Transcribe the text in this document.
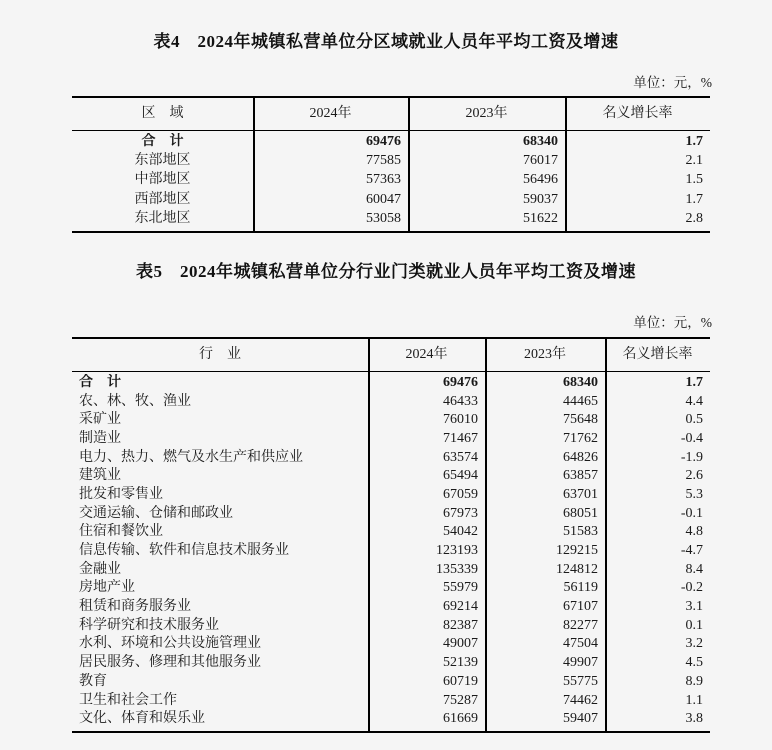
表4　2024年城镇私营单位分区域就业人员年平均工资及增速
单位：元，%
区　域	2024年	2023年	名义增长率
合　计	69476	68340	1.7
东部地区	77585	76017	2.1
中部地区	57363	56496	1.5
西部地区	60047	59037	1.7
东北地区	53058	51622	2.8
表5　2024年城镇私营单位分行业门类就业人员年平均工资及增速
单位：元，%
行　业	2024年	2023年	名义增长率
合　计	69476	68340	1.7
农、林、牧、渔业	46433	44465	4.4
采矿业	76010	75648	0.5
制造业	71467	71762	-0.4
电力、热力、燃气及水生产和供应业	63574	64826	-1.9
建筑业	65494	63857	2.6
批发和零售业	67059	63701	5.3
交通运输、仓储和邮政业	67973	68051	-0.1
住宿和餐饮业	54042	51583	4.8
信息传输、软件和信息技术服务业	123193	129215	-4.7
金融业	135339	124812	8.4
房地产业	55979	56119	-0.2
租赁和商务服务业	69214	67107	3.1
科学研究和技术服务业	82387	82277	0.1
水利、环境和公共设施管理业	49007	47504	3.2
居民服务、修理和其他服务业	52139	49907	4.5
教育	60719	55775	8.9
卫生和社会工作	75287	74462	1.1
文化、体育和娱乐业	61669	59407	3.8
